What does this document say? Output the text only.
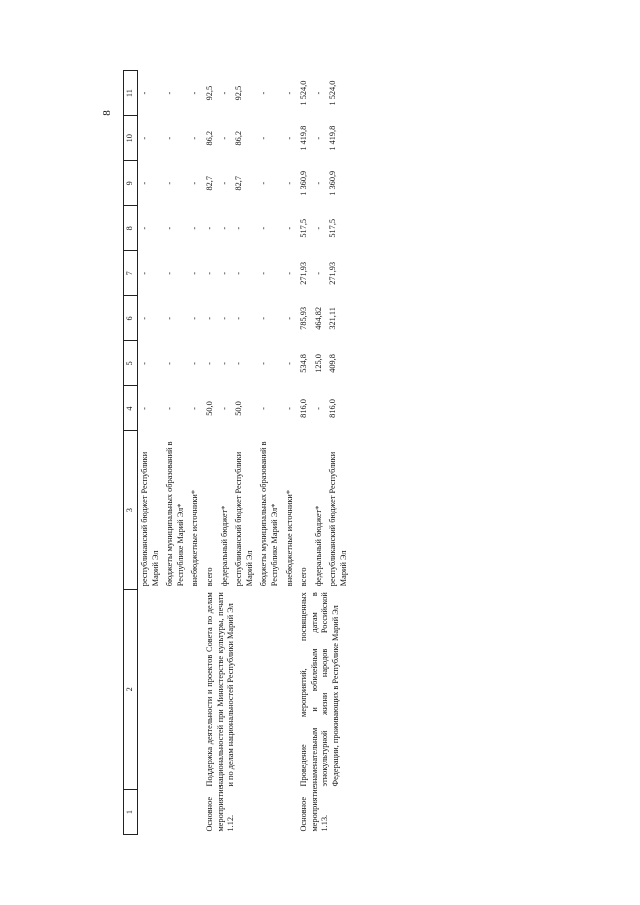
8
1	2	3	4	5	6	7	8	9	10	11
		республиканский бюджет Республики Марий Эл	-	-	-	-	-	-	-	-
		бюджеты муниципальных образований в Республике Марий Эл*	-	-	-	-	-	-	-	-
		внебюджетные источники*	-	-	-	-	-	-	-	-
Основное мероприятие 1.12.	Поддержка деятельности и проектов Совета по делам национальностей при Министерстве культуры, печати и по делам национальностей Республики Марий Эл	всего	50,0	-	-	-	-	82,7	86,2	92,5
		федеральный бюджет*	-	-	-	-	-	-	-	-
		республиканский бюджет Республики Марий Эл	50,0	-	-	-	-	82,7	86,2	92,5
		бюджеты муниципальных образований в Республике Марий Эл*	-	-	-	-	-	-	-	-
		внебюджетные источники*	-	-	-	-	-	-	-	-
Основное мероприятие 1.13.	Проведение мероприятий, посвященных знаменательным и юбилейным датам в этнокультурной жизни народов Российской Федерации, проживающих в Республике Марий Эл	всего	816,0	534,8	785,93	271,93	517,5	1 360,9	1 419,8	1 524,0
		федеральный бюджет*	-	125,0	464,82	-	-	-	-	-
		республиканский бюджет Республики Марий Эл	816,0	409,8	321,11	271,93	517,5	1 360,9	1 419,8	1 524,0
